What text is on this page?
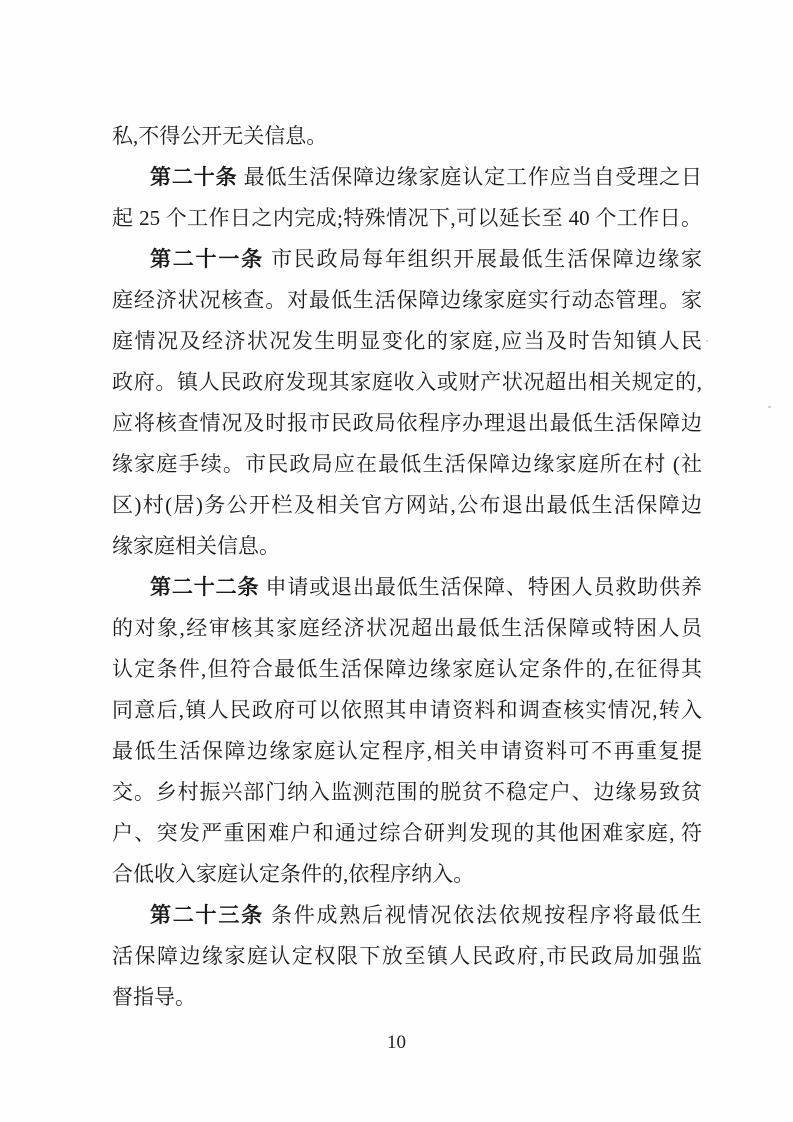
私,不得公开无关信息。
第二十条 最低生活保障边缘家庭认定工作应当自受理之日
起 25 个工作日之内完成;特殊情况下,可以延长至 40 个工作日。
第二十一条 市民政局每年组织开展最低生活保障边缘家
庭经济状况核查。对最低生活保障边缘家庭实行动态管理。家
庭情况及经济状况发生明显变化的家庭,应当及时告知镇人民
政府。镇人民政府发现其家庭收入或财产状况超出相关规定的,
应将核查情况及时报市民政局依程序办理退出最低生活保障边
缘家庭手续。市民政局应在最低生活保障边缘家庭所在村 (社
区)村(居)务公开栏及相关官方网站,公布退出最低生活保障边
缘家庭相关信息。
第二十二条 申请或退出最低生活保障、特困人员救助供养
的对象,经审核其家庭经济状况超出最低生活保障或特困人员
认定条件,但符合最低生活保障边缘家庭认定条件的,在征得其
同意后,镇人民政府可以依照其申请资料和调查核实情况,转入
最低生活保障边缘家庭认定程序,相关申请资料可不再重复提
交。乡村振兴部门纳入监测范围的脱贫不稳定户、边缘易致贫
户、突发严重困难户和通过综合研判发现的其他困难家庭, 符
合低收入家庭认定条件的,依程序纳入。
第二十三条 条件成熟后视情况依法依规按程序将最低生
活保障边缘家庭认定权限下放至镇人民政府,市民政局加强监
督指导。
10
